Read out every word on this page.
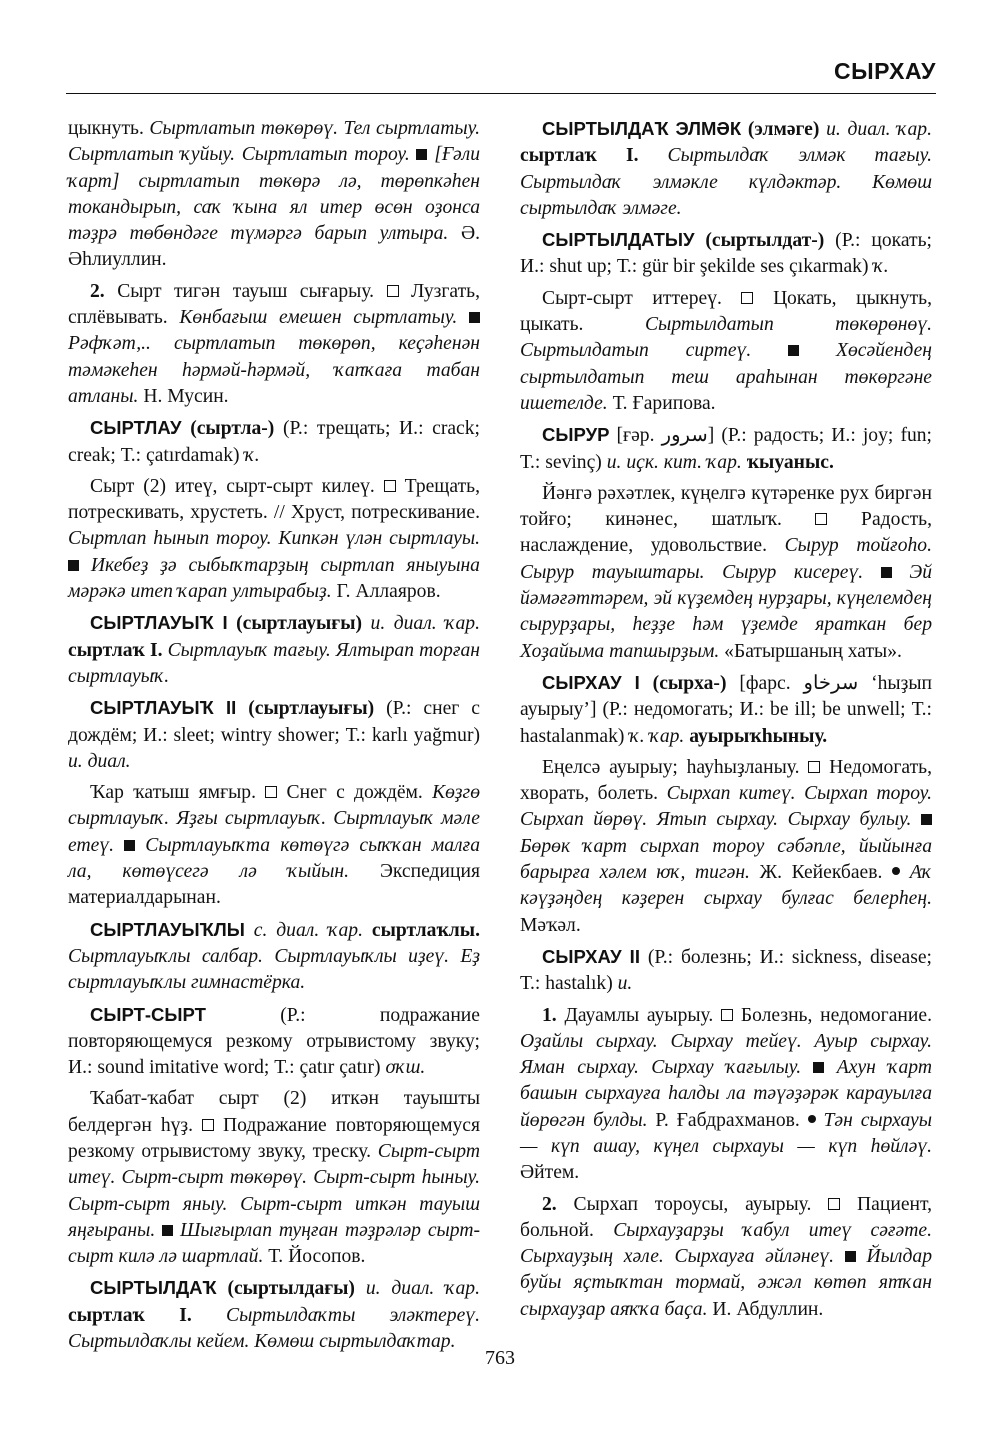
СЫРХАУ

цыкнуть. Сыртлатып төкөрөү. Тел сыртлатыу. Сыртлатып ҡуйыу. Сыртлатып тороу. [Ғәли ҡарт] сыртлатып төкөрә лә, төрөпкәһен токандырып, саҡ ҡына ял итер өсөн оҙонса тәҙрә төбөндәге түмәргә барып ултыра. Ә. Әһлиуллин.

2. Сырт тигән тауыш сығарыу. Лузгать, сплёвывать. Көнбағыш емешен сыртлатыу.  Рәфҡәт,.. сыртлатып төкөрөп, кеҫәһенән тәмәкеһен һәрмәй-һәрмәй, ҡапҡаға табан атланы. Н. Мусин.

СЫРТЛАУ (сыртла-) (Р.: трещать; И.: crack; creak; Т.: çatırdamak) ҡ.

Сырт (2) итеү, сырт-сырт килеү. Трещать, потрескивать, хрустеть. // Хруст, потрескивание. Сыртлап һынып тороу. Кипкән үлән сыртлауы.  Икебеҙ ҙә сыбыҡтарҙың сыртлап яныуына мәрәкә итеп ҡарап ултырабыҙ. Г. Аллаяров.

СЫРТЛАУЫҠ I (сыртлауығы) и. диал. ҡар. сыртлаҡ I. Сыртлауыҡ тағыу. Ялтырап торған сыртлауыҡ.

СЫРТЛАУЫҠ II (сыртлауығы) (Р.: снег с дождём; И.: sleet; wintry shower; Т.: karlı yağmur) и. диал.

Ҡар ҡатыш ямғыр. Снег с дождём. Көҙгө сыртлауыҡ. Яҙғы сыртлауыҡ. Сыртлауыҡ мәле етеү. Сыртлауыҡта көтөүгә сыҡҡан малға ла, көтөүсегә лә ҡыйын. Экспедиция материалдарынан.

СЫРТЛАУЫҠЛЫ с. диал. ҡар. сыртлаҡлы. Сыртлауыҡлы салбар. Сыртлауыҡлы иҙеү. Еҙ сыртлауыҡлы гимнастёрка.

СЫРТ-СЫРТ	(Р.: подражание повторяющемуся резкому отрывистому звуку; И.: sound imitative word; Т.: çatır çatır) оҡш.

Ҡабат-ҡабат сырт (2) иткән тауышты белдергән һүҙ. Подражание повторяющемуся резкому отрывистому звуку, треску. Сырт-сырт итеү. Сырт-сырт төкөрөү. Сырт-сырт һыныу. Сырт-сырт яныу. Сырт-сырт иткән тауыш яңғыраны. Шығырлап туңған тәҙрәләр сырт-сырт килә лә шартлай. Т. Йосопов.

СЫРТЫЛДАҠ (сыртылдағы) и. диал. ҡар. сыртлаҡ I. Сыртылдаҡты эләктереү. Сыртылдаҡлы кейем. Көмөш сыртылдаҡтар.

СЫРТЫЛДАҠ ЭЛМӘК (элмәге) и. диал. ҡар. сыртлаҡ I. Сыртылдаҡ элмәк тағыу. Сыртылдаҡ элмәкле күлдәктәр. Көмөш сыртылдаҡ элмәге.

СЫРТЫЛДАТЫУ (сыртылдат-) (Р.: цокать; И.: shut up; Т.: gür bir şekilde ses çıkarmak) ҡ.

Сырт-сырт иттереү.	Цокать, цыкнуть, цыкать.	Сыртылдатып төкөрөнөү. Сыртылдатып сиртеү.	Хөсәйендең сыртылдатып теш араһынан төкөргәне ишетелде. Т. Ғарипова.

СЫРУР [ғәр. سرور] (Р.: радость; И.: joy; fun; Т.: sevinç) и. иҫк. кит. ҡар. ҡыуаныс.

Йәнгә рәхәтлек, күңелгә күтәренке рух биргән тойғо; кинәнес, шатлыҡ.	Радость, наслаждение, удовольствие. Сырур тойғоһо. Сырур тауыштары. Сырур кисереү. Эй йәмәғәттәрем, эй күҙемдең нурҙары, күңелемдең сырурҙары, һеҙҙе һәм үҙемде яраткан бер Хоҙайыма тапшырҙым. «Батыршаның хаты».

СЫРХАУ I (сырха-) [фарс. سرخاو ‘һыҙып ауырыу’] (Р.: недомогать; И.: be ill; be unwell; Т.: hastalanmak) ҡ. ҡар. ауырыҡһыныу.

Еңелсә ауырыу; һауһыҙланыу. Недомогать, хворать, болеть. Сырхап китеү. Сырхап тороу. Сырхап йөрөү. Ятып сырхау. Сырхау булыу.  Бөрөк ҡарт сырхап тороу сәбәпле, йыйынға барырға хәлем юҡ, тигән. Ж. Кейекбаев. Аҡ кәүҙәңдең кәҙерен сырхау булғас белерһең. Мәҡәл.

СЫРХАУ II (Р.: болезнь; И.: sickness, disease; Т.: hastalık) и.

1. Дауамлы ауырыу. Болезнь, недомогание. Оҙайлы сырхау. Сырхау тейеү. Ауыр сырхау. Яман сырхау. Сырхау ҡағылыу. Ахун ҡарт башын сырхауға һалды ла тәүәҙәрәк карауылға йөрөгән булды. Р. Ғабдрахманов. Тән сырхауы — күп ашау, күңел сырхауы — күп һөйләү. Әйтем.

2. Сырхап тороусы, ауырыу. Пациент, больной. Сырхауҙарҙы ҡабул итеү сәғәте. Сырхауҙың хәле. Сырхауға әйләнеү. Йылдар буйы яҫтыҡтан тормай, әжәл көтөп ятҡан сырхауҙар аяҡҡа баҫа. И. Абдуллин.

763
